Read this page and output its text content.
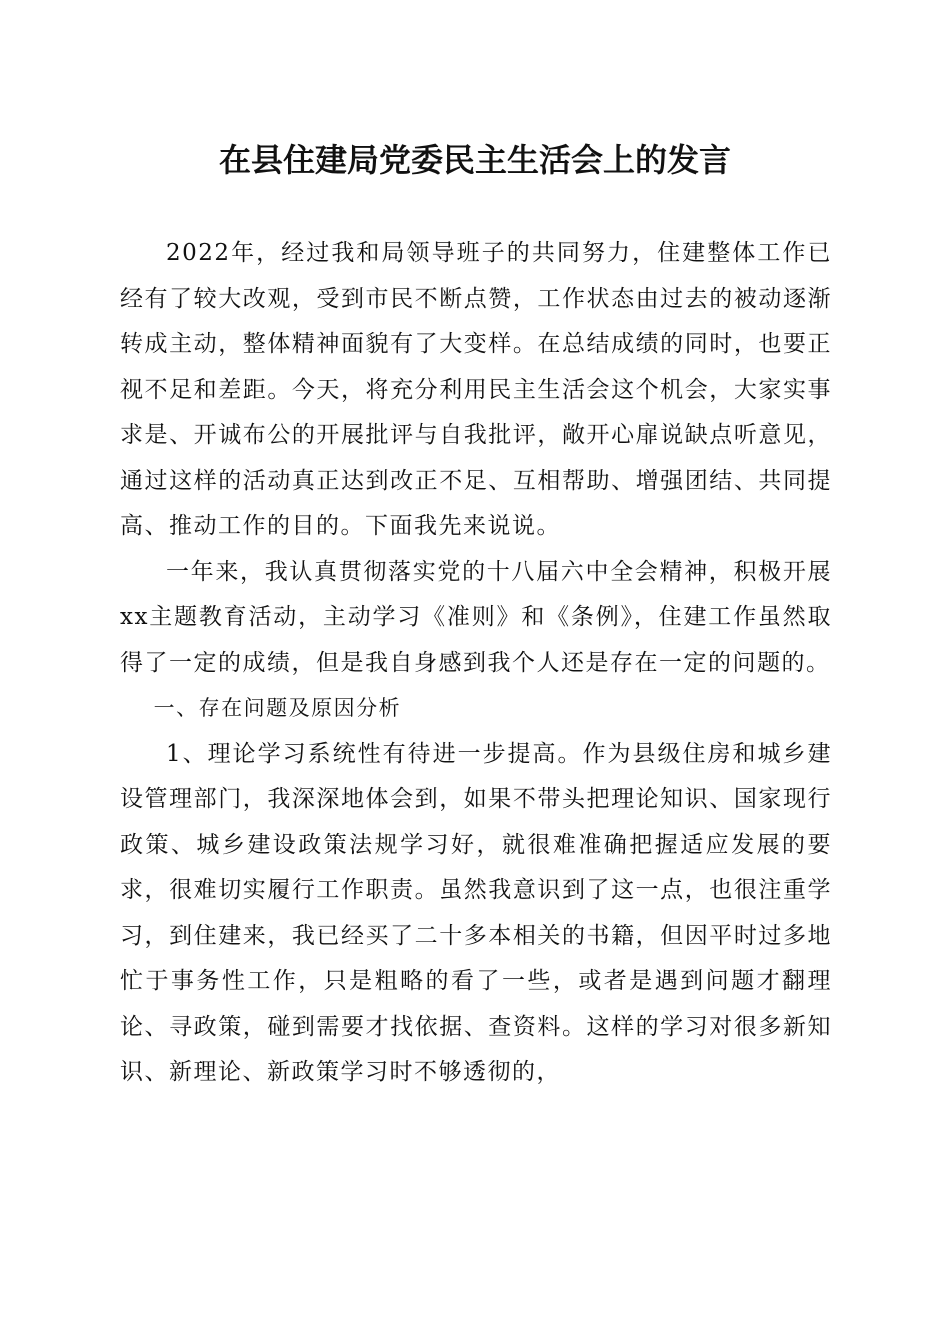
在县住建局党委民主生活会上的发言

2022年，经过我和局领导班子的共同努力，住建整体工作已经有了较大改观，受到市民不断点赞，工作状态由过去的被动逐渐转成主动，整体精神面貌有了大变样。在总结成绩的同时，也要正视不足和差距。今天，将充分利用民主生活会这个机会，大家实事求是、开诚布公的开展批评与自我批评，敞开心扉说缺点听意见，通过这样的活动真正达到改正不足、互相帮助、增强团结、共同提高、推动工作的目的。下面我先来说说。

一年来，我认真贯彻落实党的十八届六中全会精神，积极开展xx主题教育活动，主动学习《准则》和《条例》，住建工作虽然取得了一定的成绩，但是我自身感到我个人还是存在一定的问题的。

一、存在问题及原因分析

1、理论学习系统性有待进一步提高。作为县级住房和城乡建设管理部门，我深深地体会到，如果不带头把理论知识、国家现行政策、城乡建设政策法规学习好，就很难准确把握适应发展的要求，很难切实履行工作职责。虽然我意识到了这一点，也很注重学习，到住建来，我已经买了二十多本相关的书籍，但因平时过多地忙于事务性工作，只是粗略的看了一些，或者是遇到问题才翻理论、寻政策，碰到需要才找依据、查资料。这样的学习对很多新知识、新理论、新政策学习时不够透彻的，
